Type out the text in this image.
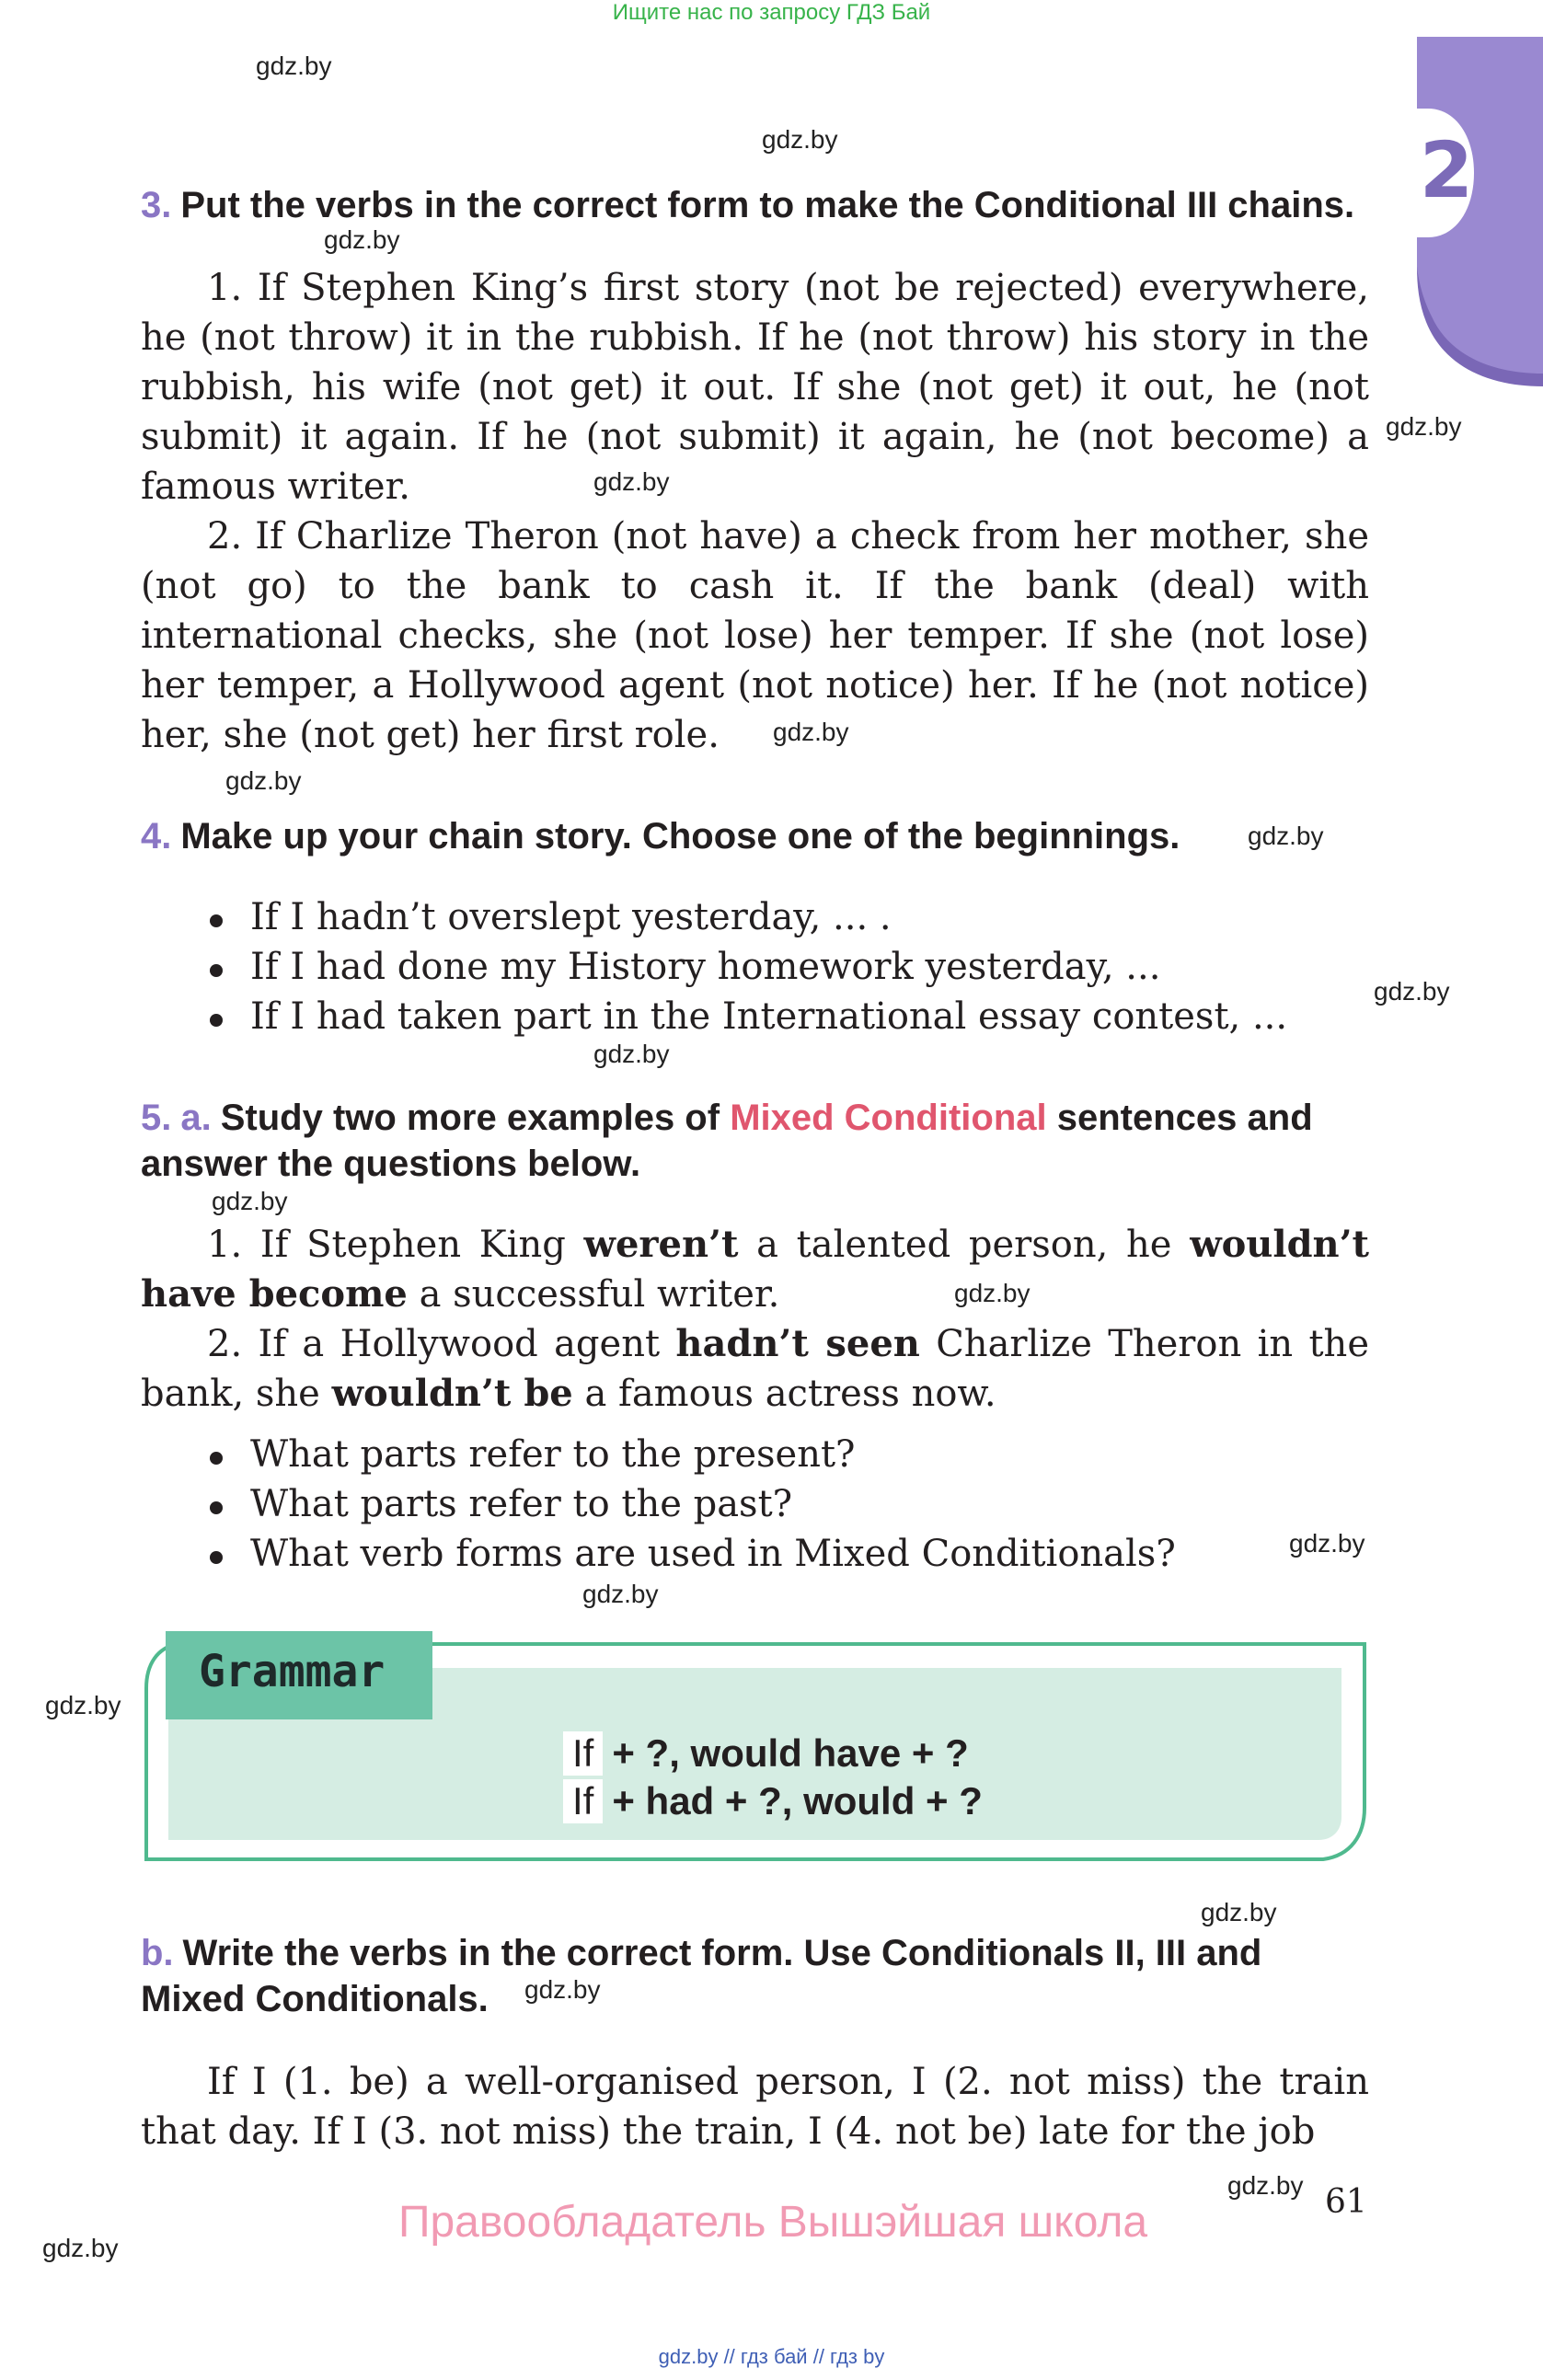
Ищите нас по запросу ГДЗ Бай
2
gdz.by
gdz.by
gdz.by
gdz.by
gdz.by
gdz.by
gdz.by
gdz.by
gdz.by
gdz.by
gdz.by
gdz.by
gdz.by
gdz.by
gdz.by
gdz.by
gdz.by
gdz.by
gdz.by
3. Put the verbs in the correct form to make the Conditional III chains.

1. If Stephen King’s first story (not be rejected) everywhere, he (not throw) it in the rubbish. If he (not throw) his story in the rubbish, his wife (not get) it out. If she (not get) it out, he (not submit) it again. If he (not submit) it again, he (not become) a famous writer.

2. If Charlize Theron (not have) a check from her mother, she (not go) to the bank to cash it. If the bank (deal) with international checks, she (not lose) her temper. If she (not lose) her temper, a Hollywood agent (not notice) her. If he (not notice) her, she (not get) her first role.

4. Make up your chain story. Choose one of the beginnings.
If I hadn’t overslept yesterday, ... .
If I had done my History homework yesterday, ...
If I had taken part in the International essay contest, ...
5. a. Study two more examples of Mixed Conditional sentences and answer the questions below.

1. If Stephen King weren’t a talented person, he wouldn’t have become a successful writer.

2. If a Hollywood agent hadn’t seen Charlize Theron in the bank, she wouldn’t be a famous actress now.

What parts refer to the present?
What parts refer to the past?
What verb forms are used in Mixed Conditionals?
Grammar
If + ?, would have + ?
If + had + ?, would + ?
b. Write the verbs in the correct form. Use Conditionals II, III and Mixed Conditionals.

If I (1. be) a well-organised person, I (2. not miss) the train that day. If I (3. not miss) the train, I (4. not be) late for the job

61
Правообладатель Вышэйшая школа
gdz.by // гдз бай // гдз by
